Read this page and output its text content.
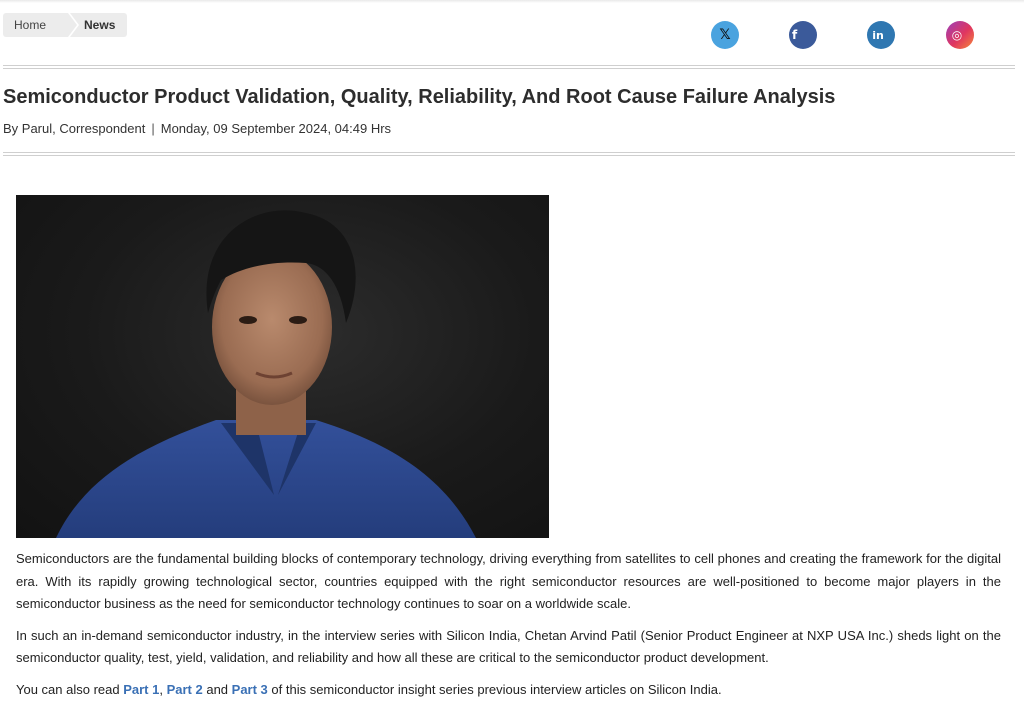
Home	News
𝕏	f	in	◎
Semiconductor Product Validation, Quality, Reliability, And Root Cause Failure Analysis
By Parul, Correspondent | Monday, 09 September 2024, 04:49 Hrs

Semiconductors are the fundamental building blocks of contemporary technology, driving everything from satellites to cell phones and creating the framework for the digital era. With its rapidly growing technological sector, countries equipped with the right semiconductor resources are well-positioned to become major players in the semiconductor business as the need for semiconductor technology continues to soar on a worldwide scale.

In such an in-demand semiconductor industry, in the interview series with Silicon India, Chetan Arvind Patil (Senior Product Engineer at NXP USA Inc.) sheds light on the semiconductor quality, test, yield, validation, and reliability and how all these are critical to the semiconductor product development.

You can also read Part 1, Part 2 and Part 3 of this semiconductor insight series previous interview articles on Silicon India.
